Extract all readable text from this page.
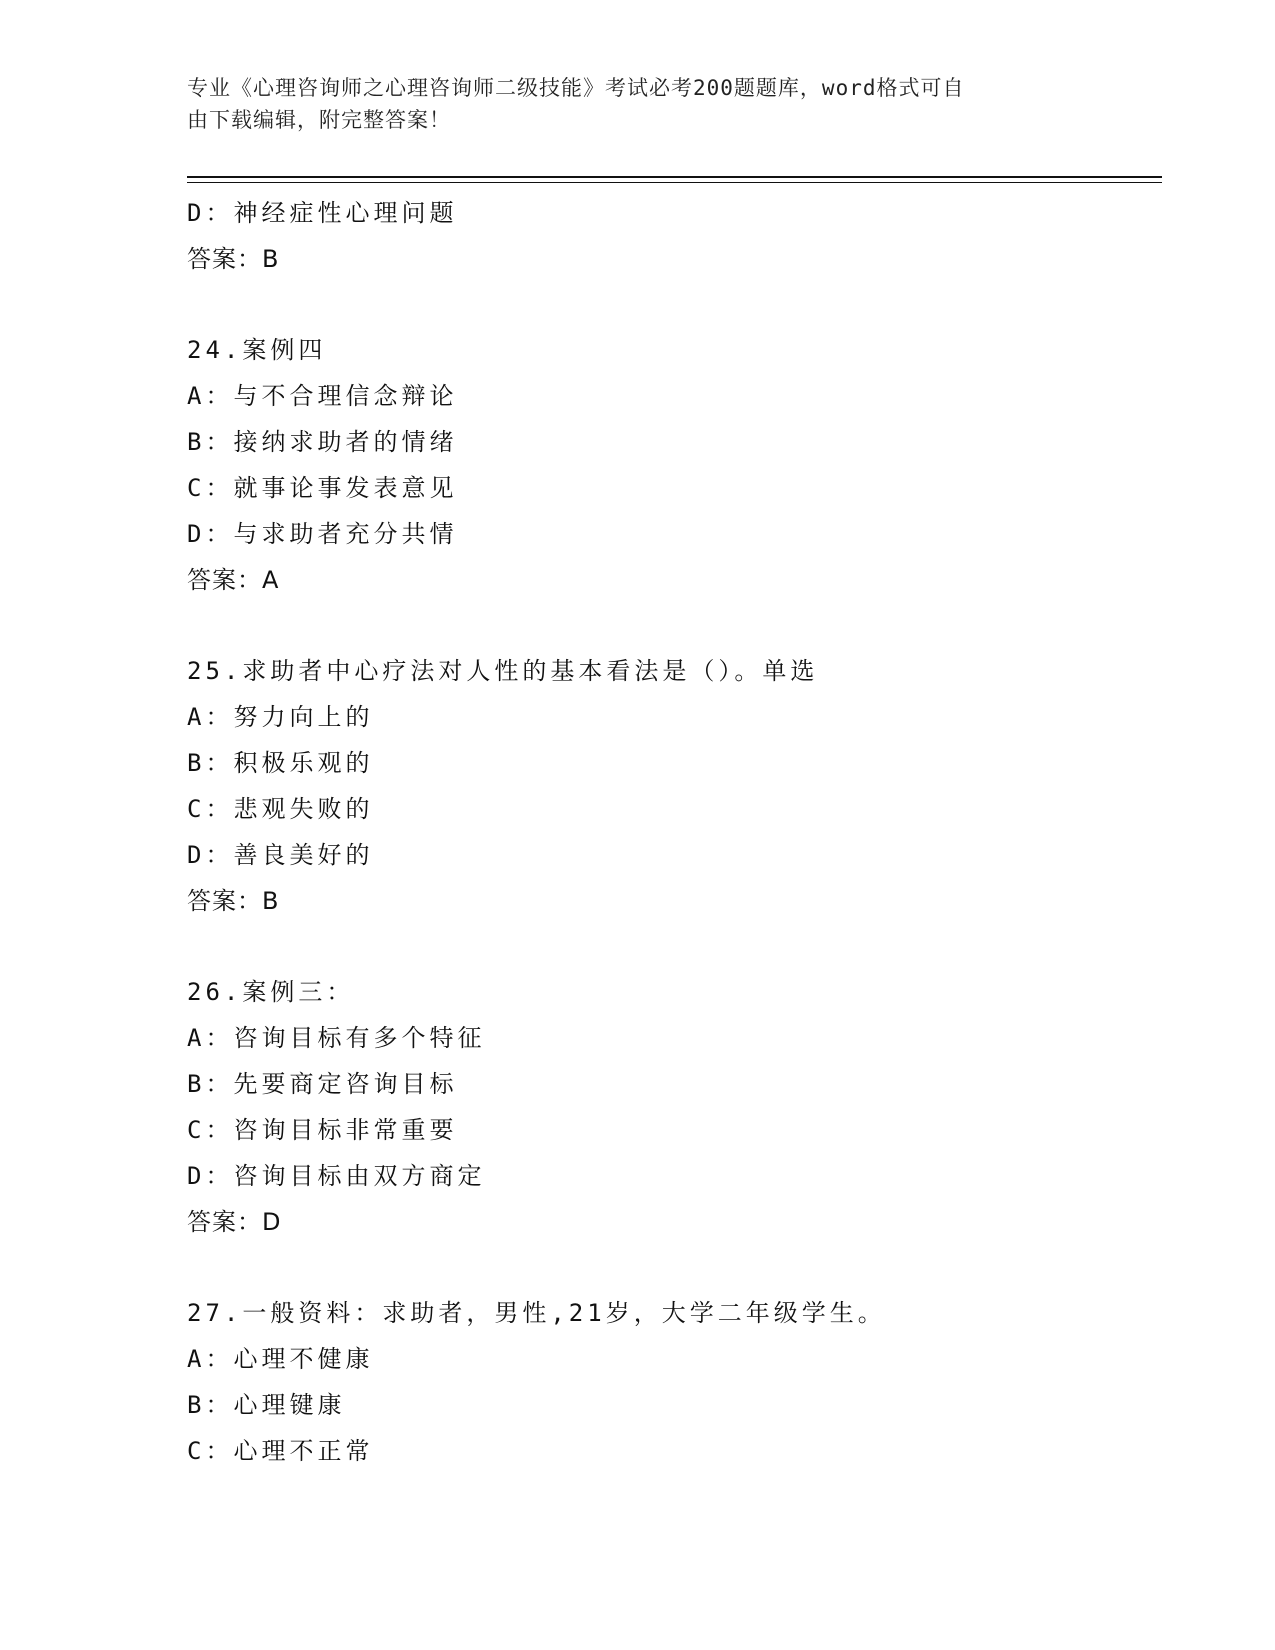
专业《心理咨询师之心理咨询师二级技能》考试必考200题题库，word格式可自
由下载编辑，附完整答案！
D：神经症性心理问题
答案：B
24.案例四
A：与不合理信念辩论
B：接纳求助者的情绪
C：就事论事发表意见
D：与求助者充分共情
答案：A
25.求助者中心疗法对人性的基本看法是（）。单选
A：努力向上的
B：积极乐观的
C：悲观失败的
D：善良美好的
答案：B
26.案例三：
A：咨询目标有多个特征
B：先要商定咨询目标
C：咨询目标非常重要
D：咨询目标由双方商定
答案：D
27.一般资料：求助者，男性,21岁，大学二年级学生。
A：心理不健康
B：心理键康
C：心理不正常
